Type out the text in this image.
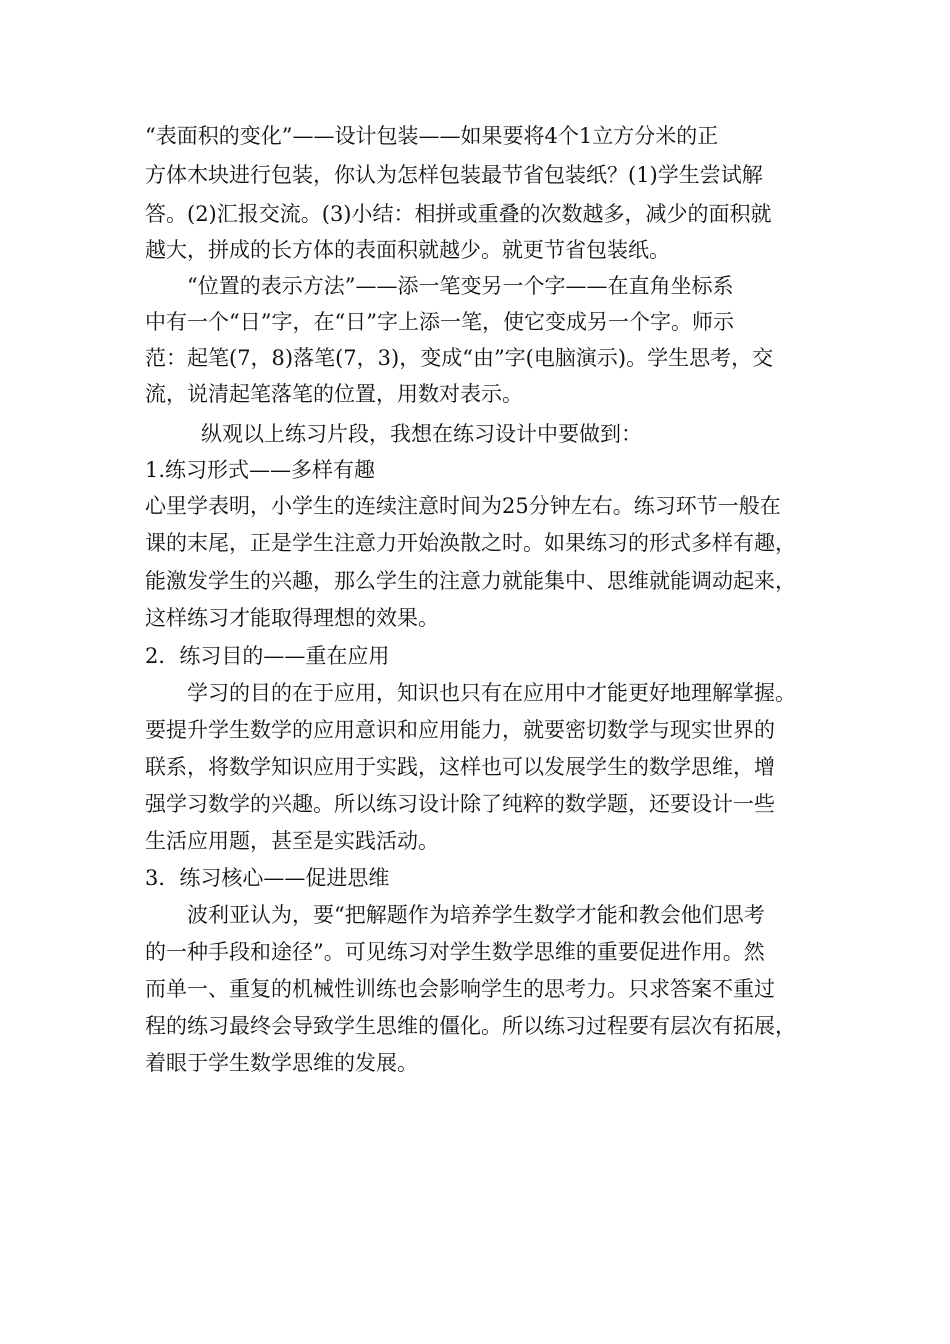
“表面积的变化”——设计包装——如果要将4个1立方分米的正
方体木块进行包装，你认为怎样包装最节省包装纸？(1)学生尝试解
答。(2)汇报交流。(3)小结：相拼或重叠的次数越多，减少的面积就
越大，拼成的长方体的表面积就越少。就更节省包装纸。
“位置的表示方法”——添一笔变另一个字——在直角坐标系
中有一个“日”字，在“日”字上添一笔，使它变成另一个字。师示
范：起笔(7，8)落笔(7，3)，变成“由”字(电脑演示)。学生思考，交
流，说清起笔落笔的位置，用数对表示。
纵观以上练习片段，我想在练习设计中要做到：
1.练习形式——多样有趣
心里学表明，小学生的连续注意时间为25分钟左右。练习环节一般在
课的末尾，正是学生注意力开始涣散之时。如果练习的形式多样有趣，
能激发学生的兴趣，那么学生的注意力就能集中、思维就能调动起来，
这样练习才能取得理想的效果。
2．练习目的——重在应用
学习的目的在于应用，知识也只有在应用中才能更好地理解掌握。
要提升学生数学的应用意识和应用能力，就要密切数学与现实世界的
联系，将数学知识应用于实践，这样也可以发展学生的数学思维，增
强学习数学的兴趣。所以练习设计除了纯粹的数学题，还要设计一些
生活应用题，甚至是实践活动。
3．练习核心——促进思维
波利亚认为，要“把解题作为培养学生数学才能和教会他们思考
的一种手段和途径”。可见练习对学生数学思维的重要促进作用。然
而单一、重复的机械性训练也会影响学生的思考力。只求答案不重过
程的练习最终会导致学生思维的僵化。所以练习过程要有层次有拓展，
着眼于学生数学思维的发展。
